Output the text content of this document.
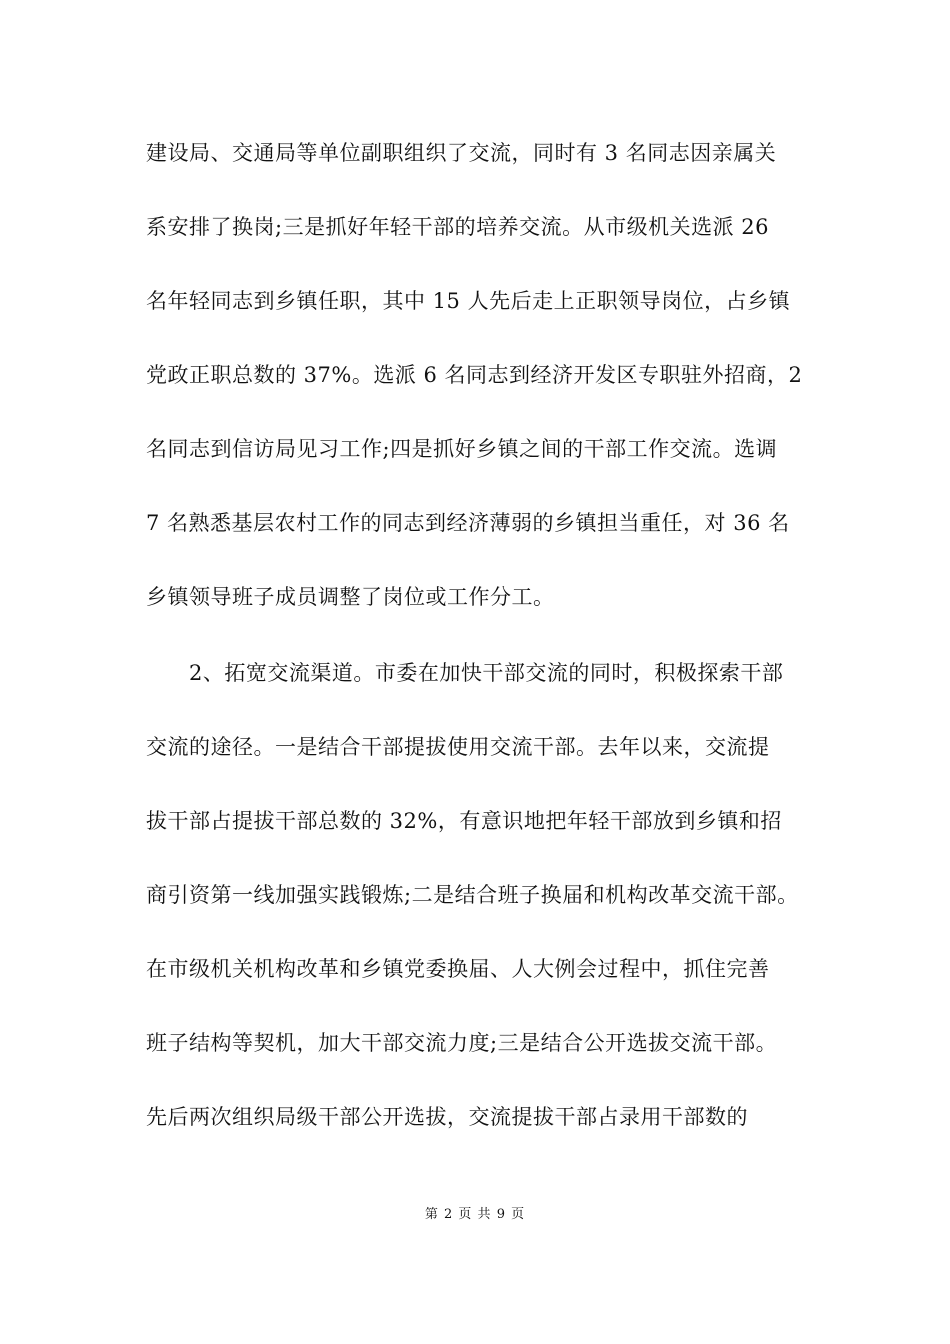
建设局、交通局等单位副职组织了交流，同时有 3 名同志因亲属关
系安排了换岗;三是抓好年轻干部的培养交流。从市级机关选派 26
名年轻同志到乡镇任职，其中 15 人先后走上正职领导岗位，占乡镇
党政正职总数的 37%。选派 6 名同志到经济开发区专职驻外招商，2
名同志到信访局见习工作;四是抓好乡镇之间的干部工作交流。选调
7 名熟悉基层农村工作的同志到经济薄弱的乡镇担当重任，对 36 名
乡镇领导班子成员调整了岗位或工作分工。
　　2、拓宽交流渠道。市委在加快干部交流的同时，积极探索干部
交流的途径。一是结合干部提拔使用交流干部。去年以来，交流提
拔干部占提拔干部总数的 32%，有意识地把年轻干部放到乡镇和招
商引资第一线加强实践锻炼;二是结合班子换届和机构改革交流干部。
在市级机关机构改革和乡镇党委换届、人大例会过程中，抓住完善
班子结构等契机，加大干部交流力度;三是结合公开选拔交流干部。
先后两次组织局级干部公开选拔，交流提拔干部占录用干部数的
第 2 页 共 9 页
